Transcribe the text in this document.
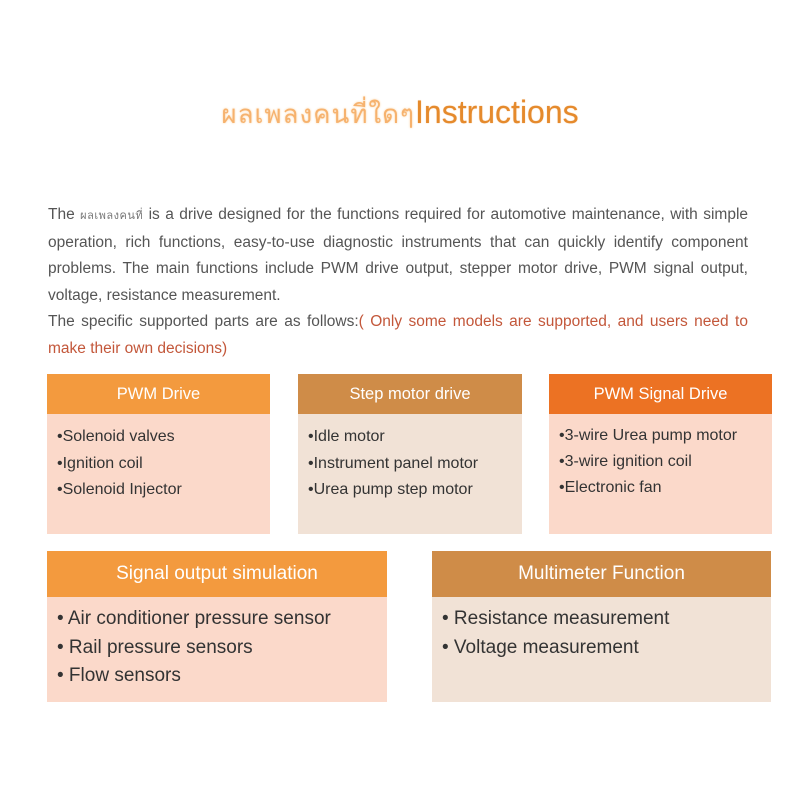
ผลเพลงคนที่ใดๆInstructions

The ผลเพลงคนที่ is a drive designed for the functions required for automotive maintenance, with simple operation, rich functions, easy-to-use diagnostic instruments that can quickly identify component problems. The main functions include PWM drive output, stepper motor drive, PWM signal output, voltage, resistance measurement.

The specific supported parts are as follows:( Only some models are supported, and users need to make their own decisions)

PWM Drive
•Solenoid valves
•Ignition coil
•Solenoid Injector
Step motor drive
•Idle motor
•Instrument panel motor
•Urea pump step motor
PWM Signal Drive
•3-wire Urea pump motor
•3-wire ignition coil
•Electronic fan
Signal output simulation
• Air conditioner pressure sensor
• Rail pressure sensors
• Flow sensors
Multimeter Function
• Resistance measurement
• Voltage measurement
